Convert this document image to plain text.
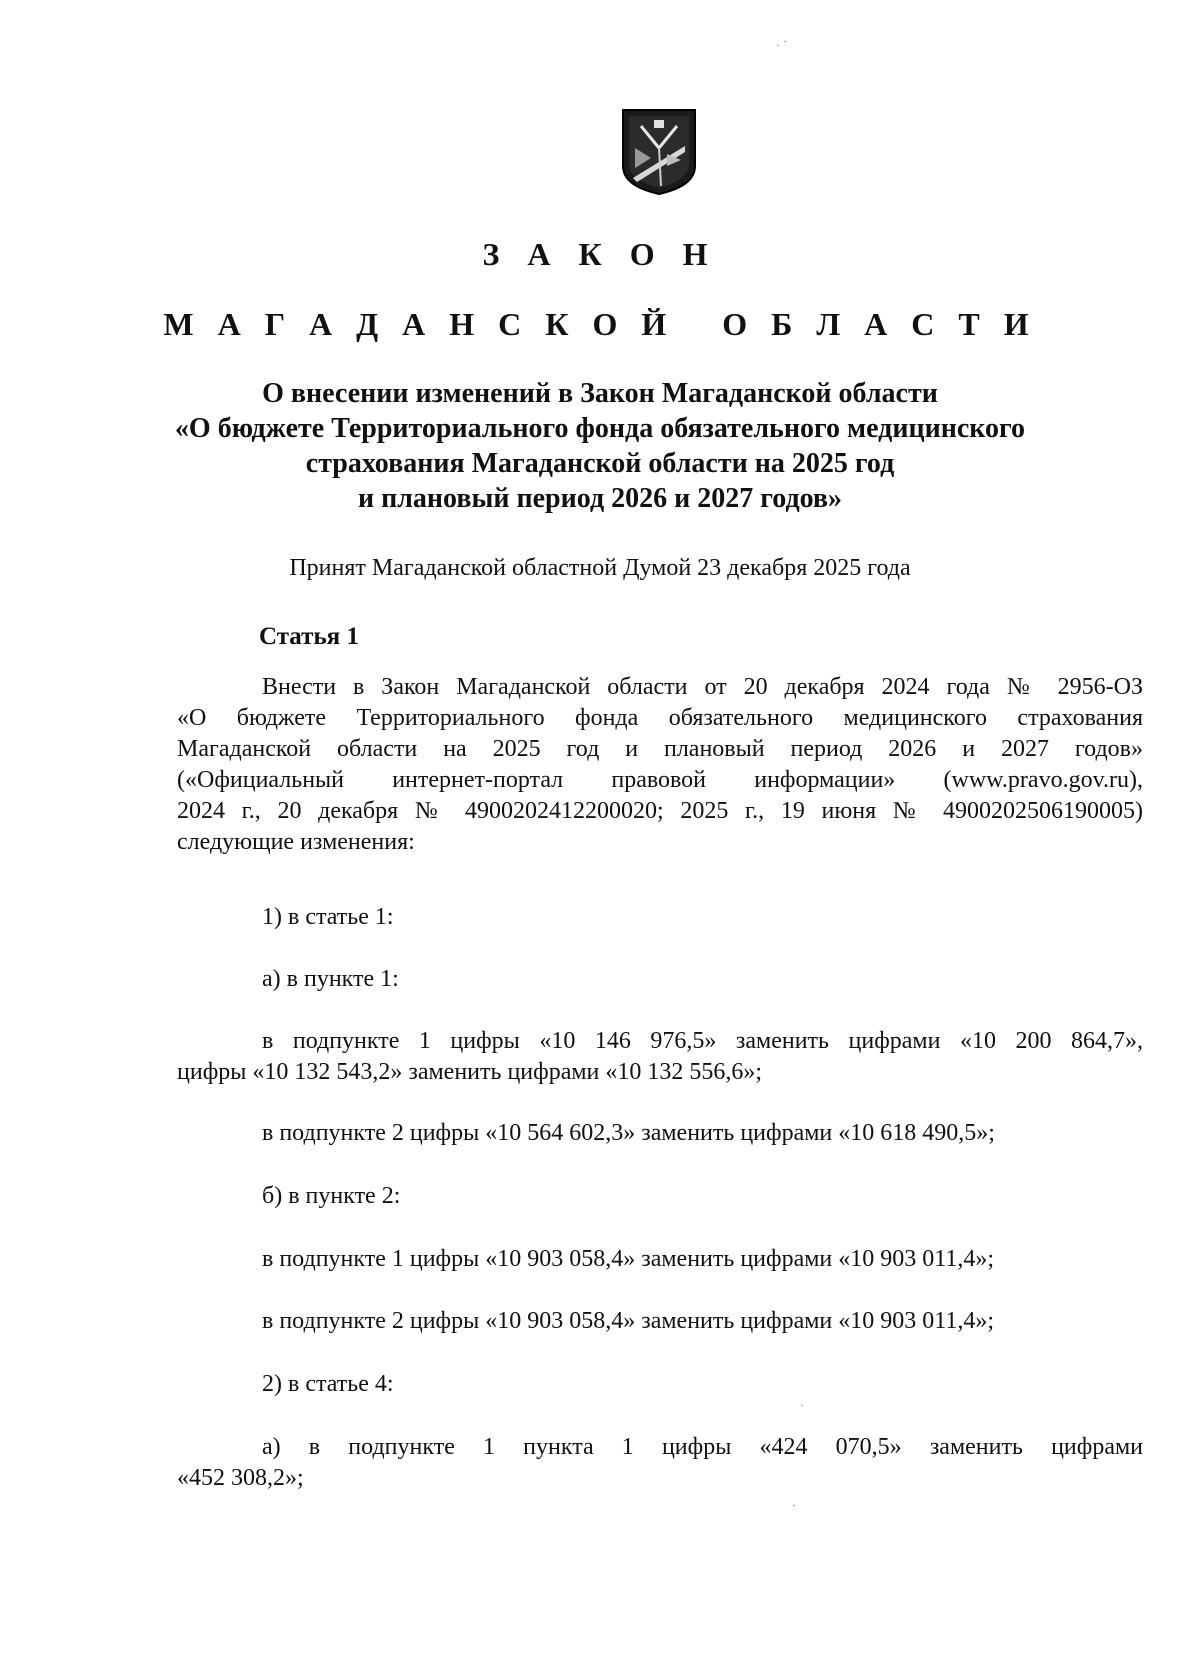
З А К О Н
М А Г А Д А Н С К О Й   О Б Л А С Т И
О внесении изменений в Закон Магаданской области
«О бюджете Территориального фонда обязательного медицинского
страхования Магаданской области на 2025 год
и плановый период 2026 и 2027 годов»
Принят Магаданской областной Думой 23 декабря 2025 года
Статья 1
Внести в Закон Магаданской области от 20 декабря 2024 года № 2956-ОЗ
«О бюджете Территориального фонда обязательного медицинского страхования
Магаданской области на 2025 год и плановый период 2026 и 2027 годов»
(«Официальный интернет-портал правовой информации» (www.pravo.gov.ru),
2024 г., 20 декабря № 4900202412200020; 2025 г., 19 июня № 4900202506190005)
следующие изменения:
1) в статье 1:
а) в пункте 1:
в подпункте 1 цифры «10 146 976,5» заменить цифрами «10 200 864,7»,
цифры «10 132 543,2» заменить цифрами «10 132 556,6»;
в подпункте 2 цифры «10 564 602,3» заменить цифрами «10 618 490,5»;
б) в пункте 2:
в подпункте 1 цифры «10 903 058,4» заменить цифрами «10 903 011,4»;
в подпункте 2 цифры «10 903 058,4» заменить цифрами «10 903 011,4»;
2) в статье 4:
а) в подпункте 1 пункта 1 цифры «424 070,5» заменить цифрами
«452 308,2»;
· ´
·
´
